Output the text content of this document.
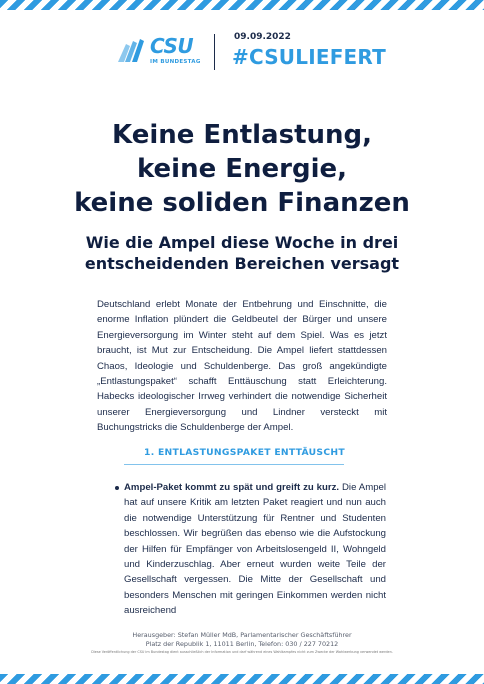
CSU
IM BUNDESTAG
09.09.2022
#CSULIEFERT
Keine Entlastung,
keine Energie,
keine soliden Finanzen
Wie die Ampel diese Woche in drei
entscheidenden Bereichen versagt

Deutschland erlebt Monate der Entbehrung und Einschnitte, die enorme Inflation plündert die Geldbeutel der Bürger und unsere Energieversorgung im Winter steht auf dem Spiel. Was es jetzt braucht, ist Mut zur Entscheidung. Die Ampel liefert stattdessen Chaos, Ideologie und Schuldenberge. Das groß angekündigte „Entlastungspaket“ schafft Enttäuschung statt Erleichterung. Habecks ideologischer Irrweg verhindert die notwendige Sicherheit unserer Energieversorgung und Lindner versteckt mit Buchungstricks die Schuldenberge der Ampel.

1. ENTLASTUNGSPAKET ENTTÄUSCHT

Ampel-Paket kommt zu spät und greift zu kurz. Die Ampel hat auf unsere Kritik am letzten Paket reagiert und nun auch die notwendige Unterstützung für Rentner und Studenten beschlossen. Wir begrüßen das ebenso wie die Aufstockung der Hilfen für Empfänger von Arbeitslosengeld II, Wohngeld und Kinderzuschlag. Aber erneut wurden weite Teile der Gesellschaft vergessen. Die Mitte der Gesellschaft und besonders Menschen mit geringen Einkommen werden nicht ausreichend

Herausgeber: Stefan Müller MdB, Parlamentarischer Geschäftsführer
Platz der Republik 1, 11011 Berlin, Telefon: 030 / 227 70212
Diese Veröffentlichung der CSU im Bundestag dient ausschließlich der Information und darf während eines Wahlkampfes nicht zum Zwecke der Wahlwerbung verwendet werden.
